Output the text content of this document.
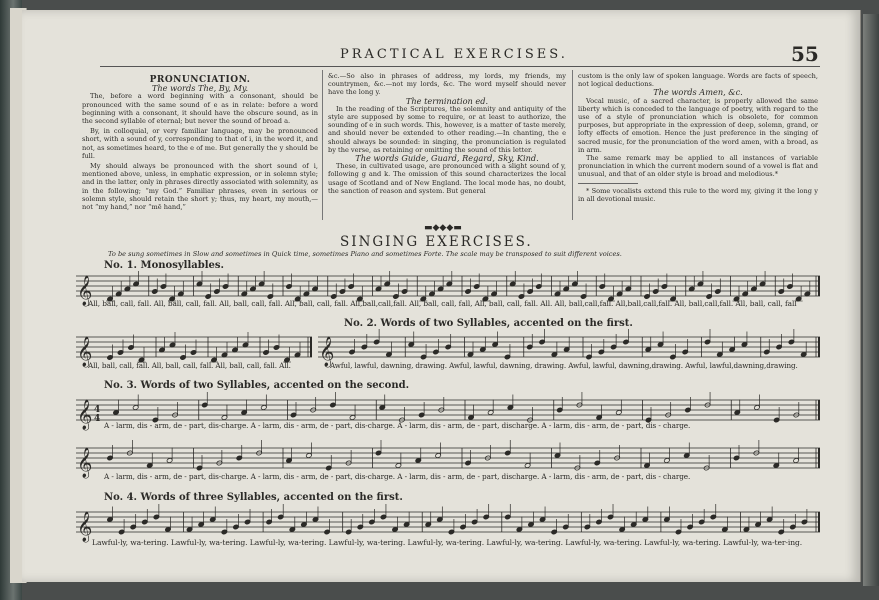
PRACTICAL EXERCISES.	55

PRONUNCIATION.

The words The, By, My.

The, before a word beginning with a consonant, should be pronounced with the same sound of e as in relate: before a word beginning with a consonant, it should have the obscure sound, as in the second syllable of eternal; but never the sound of broad a.

By, in colloquial, or very familiar language, may be pronounced short, with a sound of y, corresponding to that of i, in the word it, and not, as sometimes heard, to the e of me. But generally the y should be full.

My should always be pronounced with the short sound of i, mentioned above, unless, in emphatic expression, or in solemn style; and in the latter, only in phrases directly associated with solemnity, as in the following; “my God.” Familiar phrases, even in serious or solemn style, should retain the short y; thus, my heart, my mouth,—not “my hand,” nor “mē hand,”

&c.—So also in phrases of address, my lords, my friends, my countrymen, &c.—not my lords, &c. The word myself should never have the long y.

The termination ed.

In the reading of the Scriptures, the solemnity and antiquity of the style are supposed by some to require, or at least to authorize, the sounding of e in such words. This, however, is a matter of taste merely, and should never be extended to other reading.—In chanting, the e should always be sounded: in singing, the pronunciation is regulated by the verse, as retaining or omitting the sound of this letter.

The words Guide, Guard, Regard, Sky, Kind.

These, in cultivated usage, are pronounced with a slight sound of y, following g and k. The omission of this sound characterizes the local usage of Scotland and of New England. The local mode has, no doubt, the sanction of reason and system. But general

custom is the only law of spoken language. Words are facts of speech, not logical deductions.

The words Amen, &c.

Vocal music, of a sacred character, is properly allowed the same liberty which is conceded to the language of poetry, with regard to the use of a style of pronunciation which is obsolete, for common purposes, but appropriate in the expression of deep, solemn, grand, or lofty effects of emotion. Hence the just preference in the singing of sacred music, for the pronunciation of the word amen, with a broad, as in arm.

The same remark may be applied to all instances of variable pronunciation in which the current modern sound of a vowel is flat and unusual, and that of an older style is broad and melodious.*

* Some vocalists extend this rule to the word my, giving it the long y in all devotional music.

▬◆◆◆▬
SINGING EXERCISES.
To be sung sometimes in Slow and sometimes in Quick time, sometimes Piano and sometimes Forte. The scale may be transposed to suit different voices.
No. 1. Monosyllables.
𝄞
All, ball, call, fall. All, ball, call, fall. All, ball, call, fall. All, ball, call, fall. All,ball,call,fall. All, ball, call, fall, All, ball, call, fall. All. All, ball,call,fall. All,ball,call,fall. All, ball,call,fall. All, ball, call, fall
𝄞
No. 2. Words of two Syllables, accented on the first.
𝄞
All, ball, call, fall. All, ball, call, fall. All, ball, call, fall. All.	Awful, lawful, dawning, drawing. Awful, lawful, dawning, drawing. Awful, lawful, dawning,drawing. Awful, lawful,dawning,drawing.
No. 3. Words of two Syllables, accented on the second.
𝄞 4
4
A - larm, dis - arm, de - part, dis-charge. A - larm, dis - arm, de - part, dis-charge. A - larm, dis - arm, de - part, discharge. A - larm, dis - arm, de - part, dis - charge.
𝄞 A - larm, dis - arm, de - part, dis-charge. A - larm, dis - arm, de - part, dis-charge. A - larm, dis - arm, de - part, discharge. A - larm, dis - arm, de - part, dis - charge.
No. 4. Words of three Syllables, accented on the first.
𝄞
Lawful-ly, wa-tering. Lawful-ly, wa-tering. Lawful-ly, wa-tering. Lawful-ly, wa-tering. Lawful-ly, wa-tering. Lawful-ly, wa-tering. Lawful-ly, wa-tering. Lawful-ly, wa-tering. Lawful-ly, wa-ter-ing.
